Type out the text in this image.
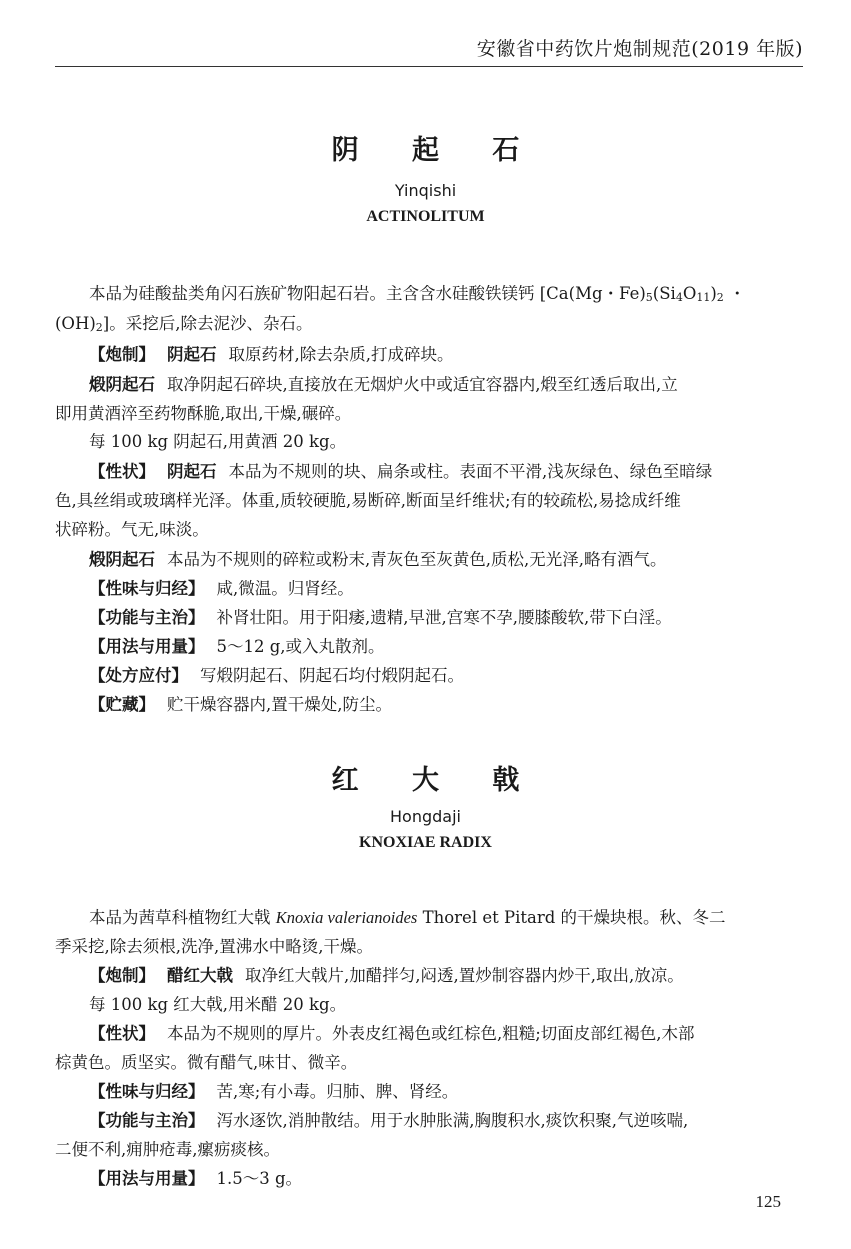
安徽省中药饮片炮制规范(2019 年版)
阴 起 石
Yinqishi
ACTINOLITUM
本品为硅酸盐类角闪石族矿物阳起石岩。主含含水硅酸铁镁钙 [Ca(Mg・$Fe)_5(Si_4O_{11})_2$ ・
$(OH)_2$]。采挖后,除去泥沙、杂石。
【炮制】 阴起石 取原药材,除去杂质,打成碎块。
煅阴起石 取净阴起石碎块,直接放在无烟炉火中或适宜容器内,煅至红透后取出,立
即用黄酒淬至药物酥脆,取出,干燥,碾碎。
每 100 kg 阴起石,用黄酒 20 kg。
【性状】 阴起石 本品为不规则的块、扁条或柱。表面不平滑,浅灰绿色、绿色至暗绿
色,具丝绢或玻璃样光泽。体重,质较硬脆,易断碎,断面呈纤维状;有的较疏松,易捻成纤维
状碎粉。气无,味淡。
煅阴起石 本品为不规则的碎粒或粉末,青灰色至灰黄色,质松,无光泽,略有酒气。
【性味与归经】 咸,微温。归肾经。
【功能与主治】 补肾壮阳。用于阳痿,遗精,早泄,宫寒不孕,腰膝酸软,带下白淫。
【用法与用量】 5～12 g,或入丸散剂。
【处方应付】 写煅阴起石、阴起石均付煅阴起石。
【贮藏】 贮干燥容器内,置干燥处,防尘。
红 大 戟
Hongdaji
KNOXIAE RADIX
本品为茜草科植物红大戟 Knoxia valerianoides Thorel et Pitard 的干燥块根。秋、冬二
季采挖,除去须根,洗净,置沸水中略烫,干燥。
【炮制】 醋红大戟 取净红大戟片,加醋拌匀,闷透,置炒制容器内炒干,取出,放凉。
每 100 kg 红大戟,用米醋 20 kg。
【性状】 本品为不规则的厚片。外表皮红褐色或红棕色,粗糙;切面皮部红褐色,木部
棕黄色。质坚实。微有醋气,味甘、微辛。
【性味与归经】 苦,寒;有小毒。归肺、脾、肾经。
【功能与主治】 泻水逐饮,消肿散结。用于水肿胀满,胸腹积水,痰饮积聚,气逆咳喘,
二便不利,痈肿疮毒,瘰疬痰核。
【用法与用量】 1.5～3 g。
125
